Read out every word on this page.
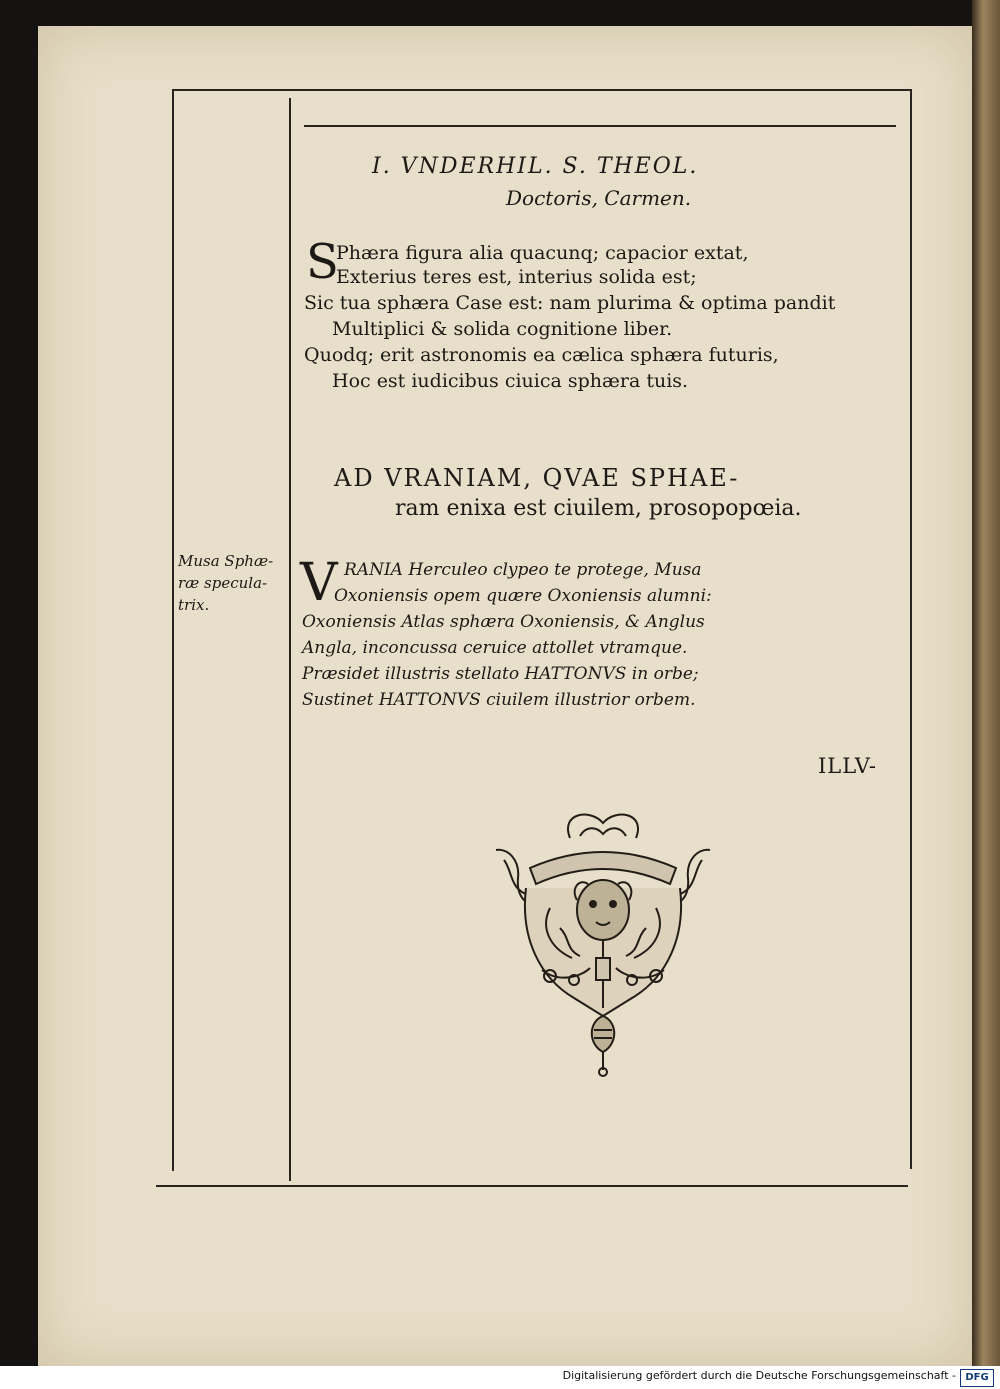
I. VNDERHIL. S. THEOL.
Doctoris, Carmen.
S
Phæra figura alia quacunq; capacior extat,
Exterius teres est, interius solida est;
Sic tua sphæra Case est: nam plurima & optima pandit
Multiplici & solida cognitione liber.
Quodq; erit astronomis ea cælica sphæra futuris,
Hoc est iudicibus ciuica sphæra tuis.
AD VRANIAM, QVAE SPHAE-
ram enixa est ciuilem, prosopopœia.
Musa Sphæ-
ræ specula-
trix. V RANIA Herculeo clypeo te protege, Musa
Oxoniensis opem quære Oxoniensis alumni:
Oxoniensis Atlas sphæra Oxoniensis, & Anglus
Angla, inconcussa ceruice attollet vtramque.
Præsidet illustris stellato HATTONVS in orbe;
Sustinet HATTONVS ciuilem illustrior orbem.
ILLV-
Digitalisierung gefördert durch die Deutsche Forschungsgemeinschaft - DFG
